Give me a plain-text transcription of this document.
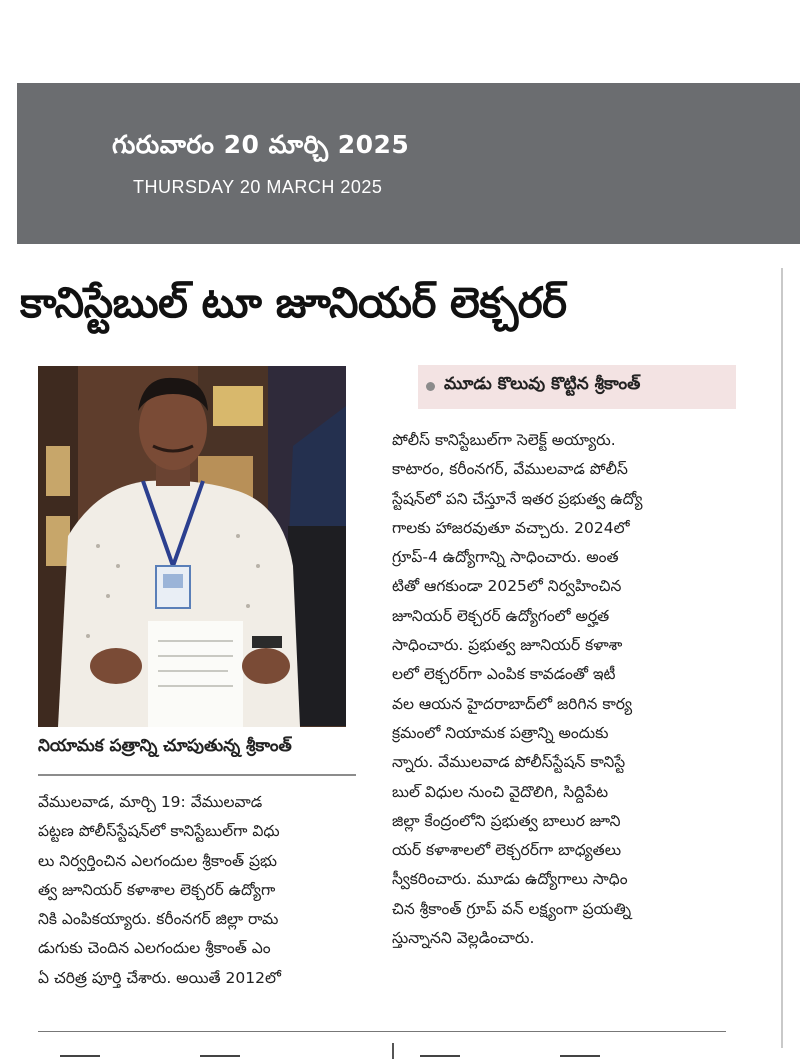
గురువారం 20 మార్చి 2025
THURSDAY 20 MARCH 2025
కానిస్టేబుల్ టూ జూనియర్ లెక్చరర్
నియామక పత్రాన్ని చూపుతున్న శ్రీకాంత్
మూడు కొలువు కొట్టిన శ్రీకాంత్
వేములవాడ, మార్చి 19: వేములవాడ
పట్టణ పోలీస్‌స్టేషన్‌లో కానిస్టేబుల్‌గా విధు
లు నిర్వర్తించిన ఎలగందుల శ్రీకాంత్ ప్రభు
త్వ జూనియర్ కళాశాల లెక్చరర్ ఉద్యోగా
నికి ఎంపికయ్యారు. కరీంనగర్ జిల్లా రామ
డుగుకు చెందిన ఎలగందుల శ్రీకాంత్ ఎం
ఏ చరిత్ర పూర్తి చేశారు. అయితే 2012లో
పోలీస్ కానిస్టేబుల్‌గా సెలెక్ట్ అయ్యారు.
కాటారం, కరీంనగర్, వేములవాడ పోలీస్
స్టేషన్‌లో పని చేస్తూనే ఇతర ప్రభుత్వ ఉద్యో
గాలకు హాజరవుతూ వచ్చారు. 2024లో
గ్రూప్-4 ఉద్యోగాన్ని సాధించారు. అంత
టితో ఆగకుండా 2025లో నిర్వహించిన
జూనియర్ లెక్చరర్ ఉద్యోగంలో అర్హత
సాధించారు. ప్రభుత్వ జూనియర్ కళాశా
లలో లెక్చరర్‌గా ఎంపిక కావడంతో ఇటీ
వల ఆయన హైదరాబాద్‌లో జరిగిన కార్య
క్రమంలో నియామక పత్రాన్ని అందుకు
న్నారు. వేములవాడ పోలీస్‌స్టేషన్ కానిస్టే
బుల్ విధుల నుంచి వైదొలిగి, సిద్దిపేట
జిల్లా కేంద్రంలోని ప్రభుత్వ బాలుర జూని
యర్ కళాశాలలో లెక్చరర్‌గా బాధ్యతలు
స్వీకరించారు. మూడు ఉద్యోగాలు సాధిం
చిన శ్రీకాంత్ గ్రూప్ వన్ లక్ష్యంగా ప్రయత్ని
స్తున్నానని వెల్లడించారు.
